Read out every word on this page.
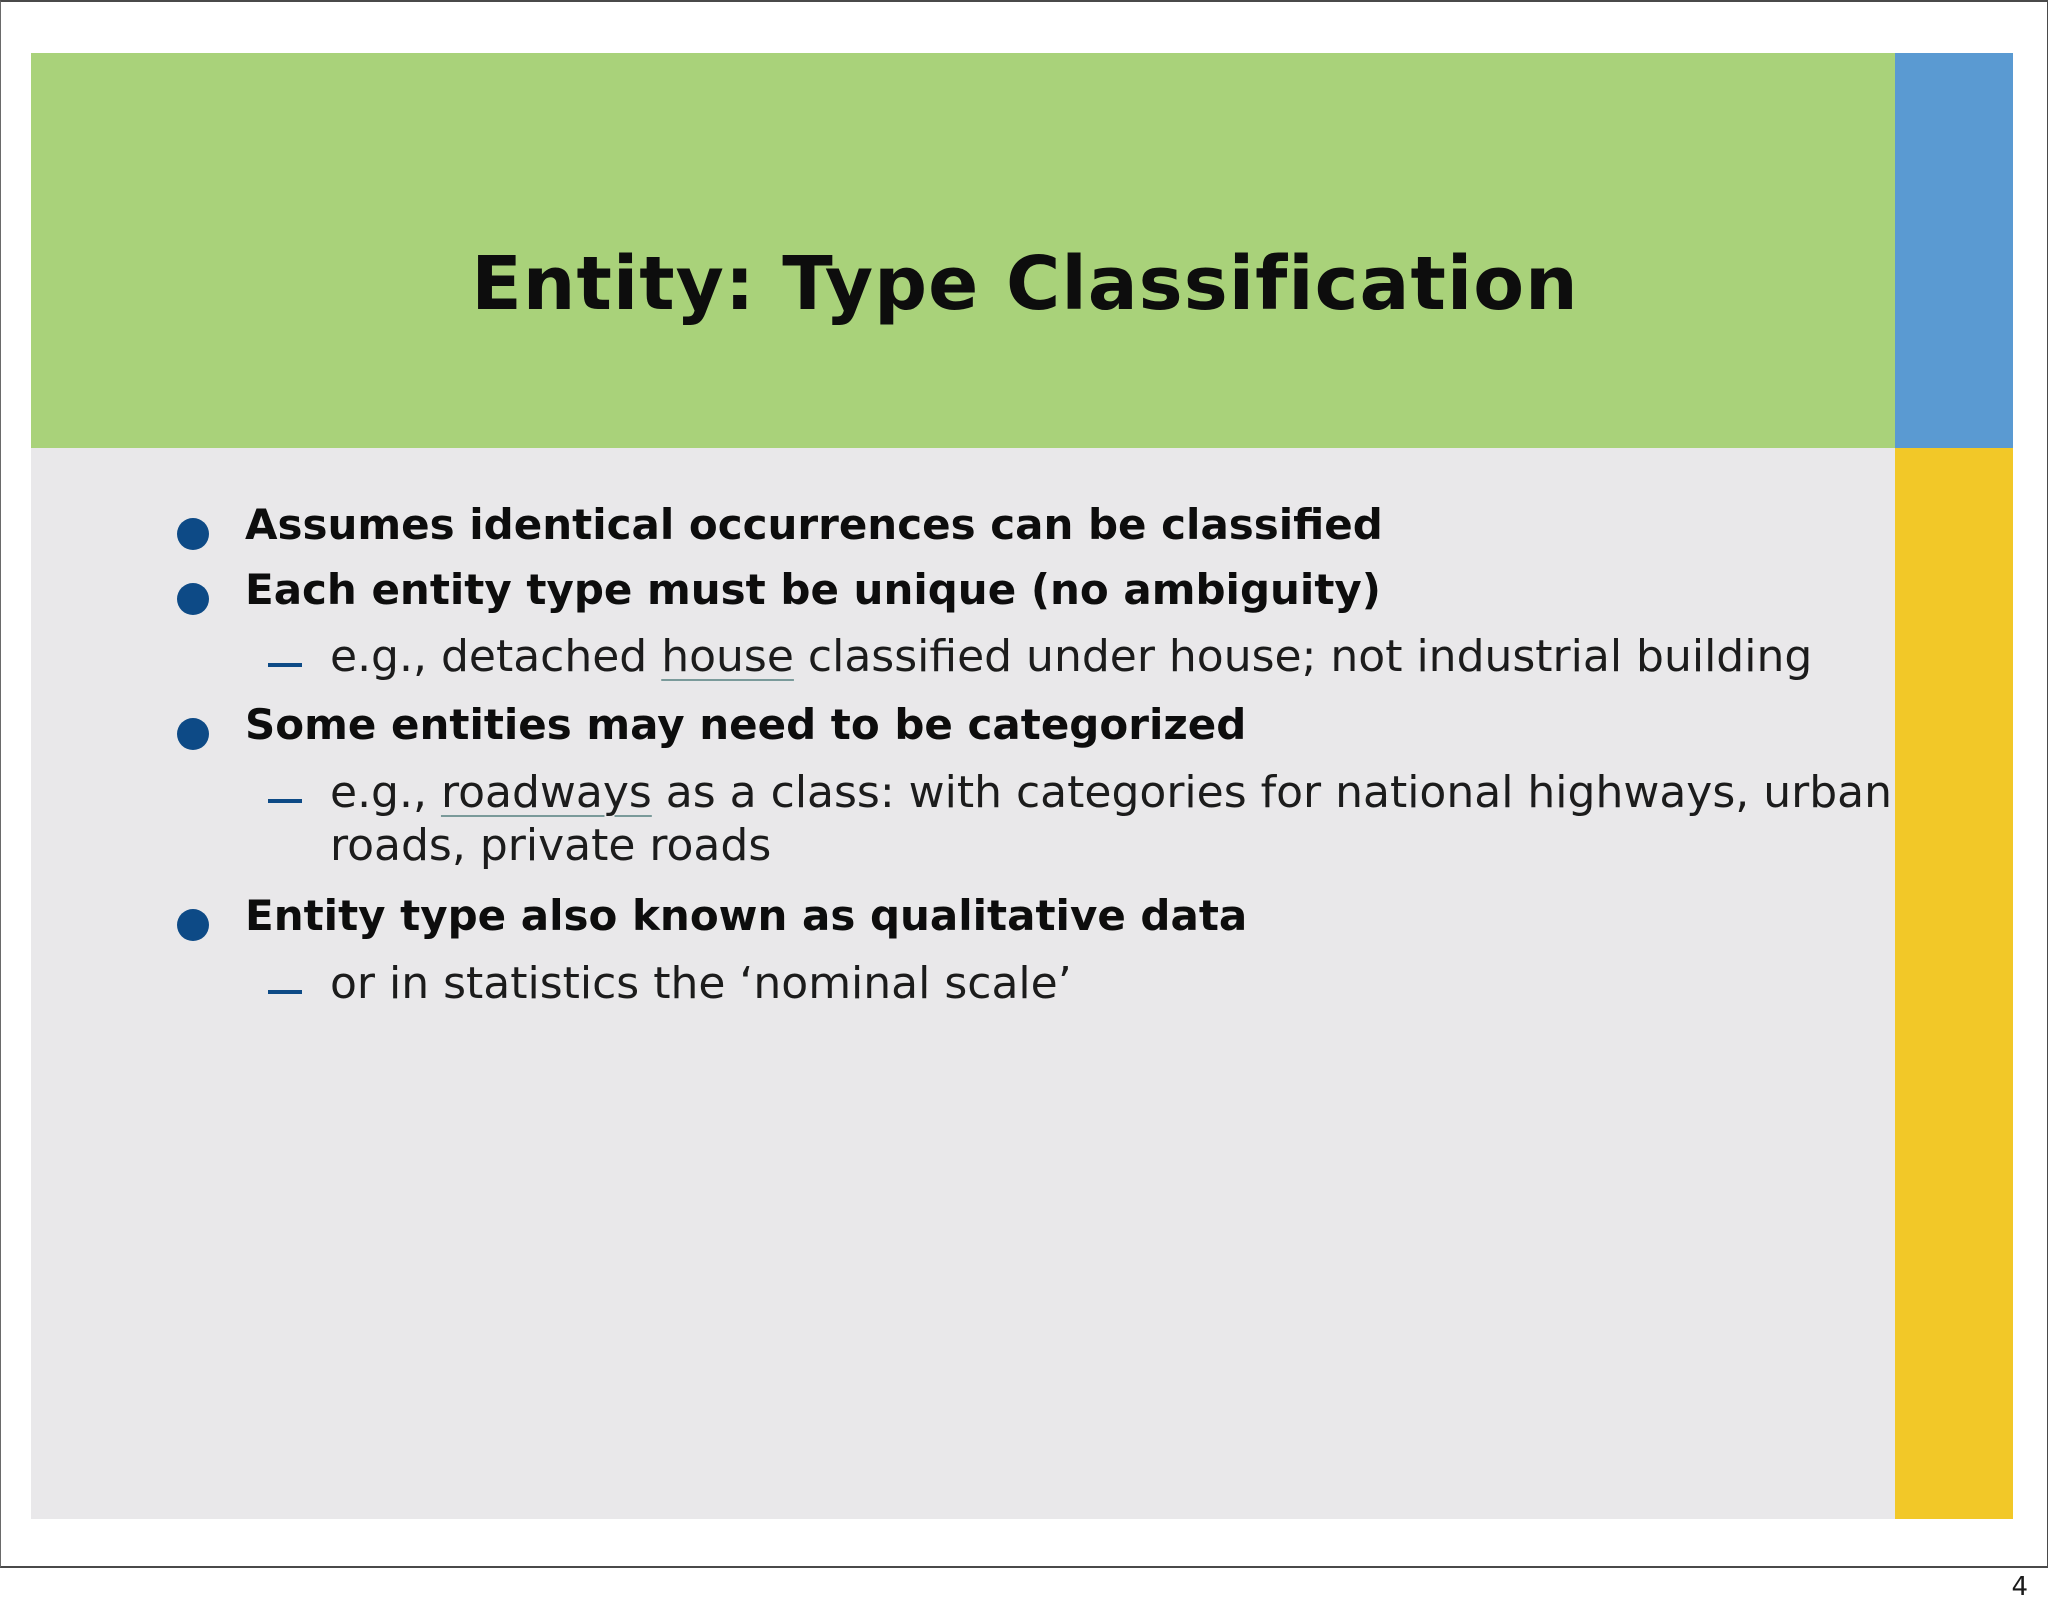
Entity: Type Classification
Assumes identical occurrences can be classified
Each entity type must be unique (no ambiguity)
e.g., detached house classified under house; not industrial building
Some entities may need to be categorized
e.g., roadways as a class: with categories for national highways, urban
roads, private roads
Entity type also known as qualitative data
or in statistics the ‘nominal scale’
4
